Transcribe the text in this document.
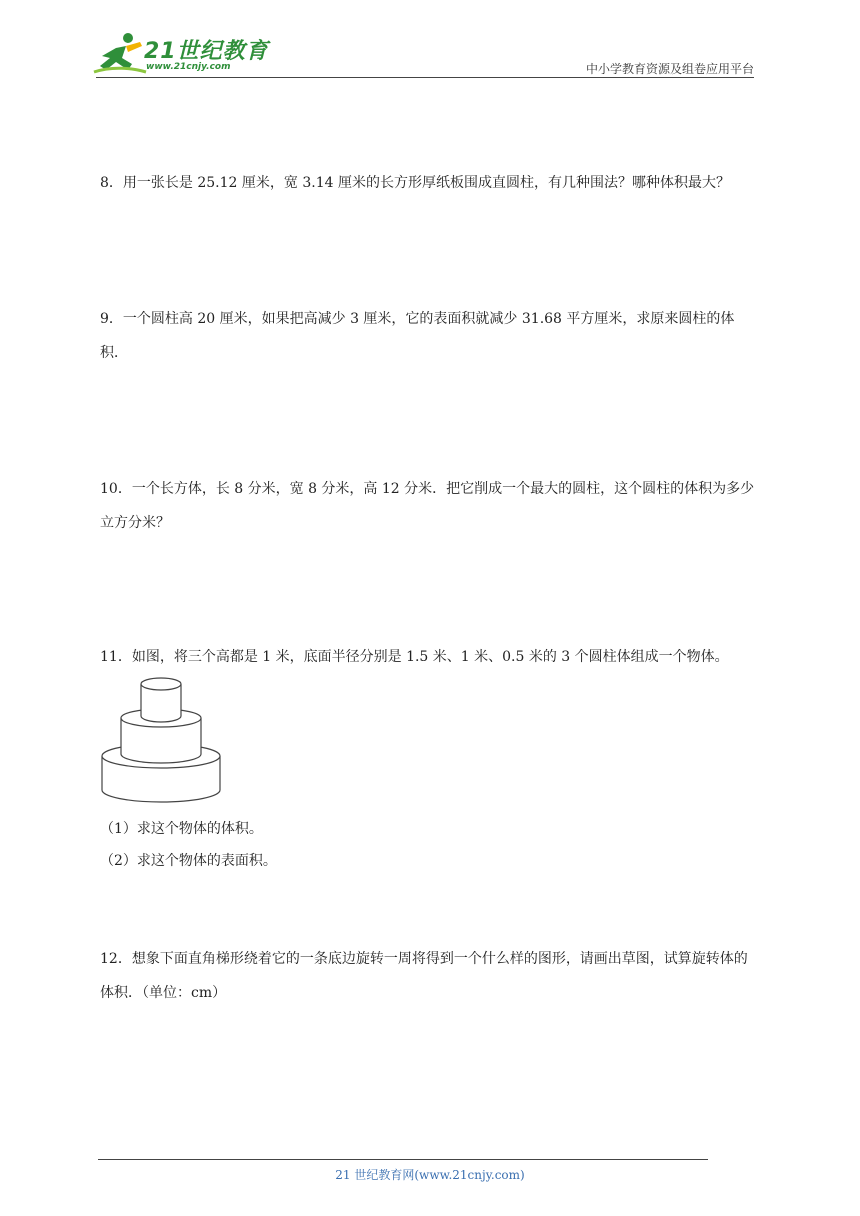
21世纪教育
www.21cnjy.com	中小学教育资源及组卷应用平台

8．用一张长是 25.12 厘米，宽 3.14 厘米的长方形厚纸板围成直圆柱，有几种围法？哪种体积最大？

9．一个圆柱高 20 厘米，如果把高减少 3 厘米，它的表面积就减少 31.68 平方厘米，求原来圆柱的体积．

10．一个长方体，长 8 分米，宽 8 分米，高 12 分米．把它削成一个最大的圆柱，这个圆柱的体积为多少立方分米？

11．如图，将三个高都是 1 米，底面半径分别是 1.5 米、1 米、0.5 米的 3 个圆柱体组成一个物体。

（1）求这个物体的体积。

（2）求这个物体的表面积。

12．想象下面直角梯形绕着它的一条底边旋转一周将得到一个什么样的图形，请画出草图，试算旋转体的体积．（单位：cm）

21 世纪教育网(www.21cnjy.com)
